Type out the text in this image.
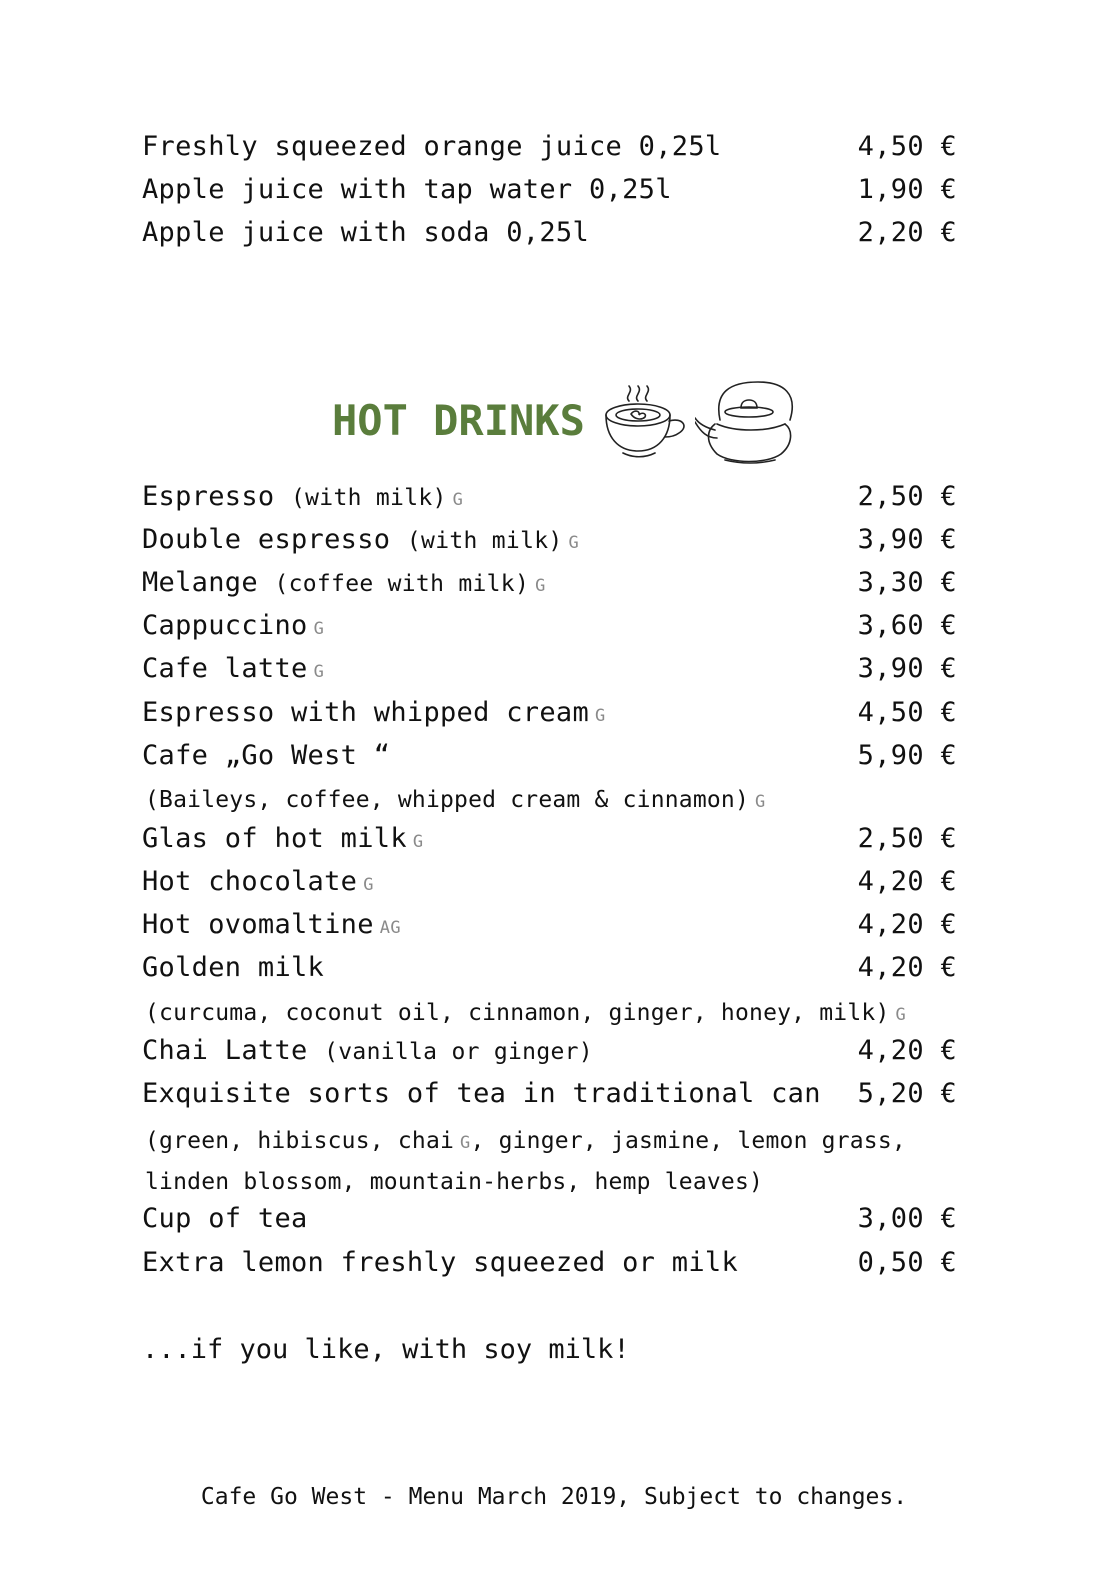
Freshly squeezed orange juice 0,25l	4,50 €
Apple juice with tap water 0,25l	1,90 €
Apple juice with soda 0,25l	2,20 €
HOT DRINKS
Espresso (with milk) G	2,50 €
Double espresso (with milk) G	3,90 €
Melange (coffee with milk) G	3,30 €
Cappuccino G	3,60 €
Cafe latte G	3,90 €
Espresso with whipped cream G	4,50 €
Cafe „Go West “	5,90 €
(Baileys, coffee, whipped cream & cinnamon) G
Glas of hot milk G	2,50 €
Hot chocolate G	4,20 €
Hot ovomaltine AG	4,20 €
Golden milk	4,20 €
(curcuma, coconut oil, cinnamon, ginger, honey, milk) G
Chai Latte (vanilla or ginger)	4,20 €
Exquisite sorts of tea in traditional can 5,20 €
(green, hibiscus, chai G, ginger, jasmine, lemon grass,
linden blossom, mountain-herbs, hemp leaves)
Cup of tea	3,00 €
Extra lemon freshly squeezed or milk	0,50 €
...if you like, with soy milk!
Cafe Go West - Menu March 2019, Subject to changes.
